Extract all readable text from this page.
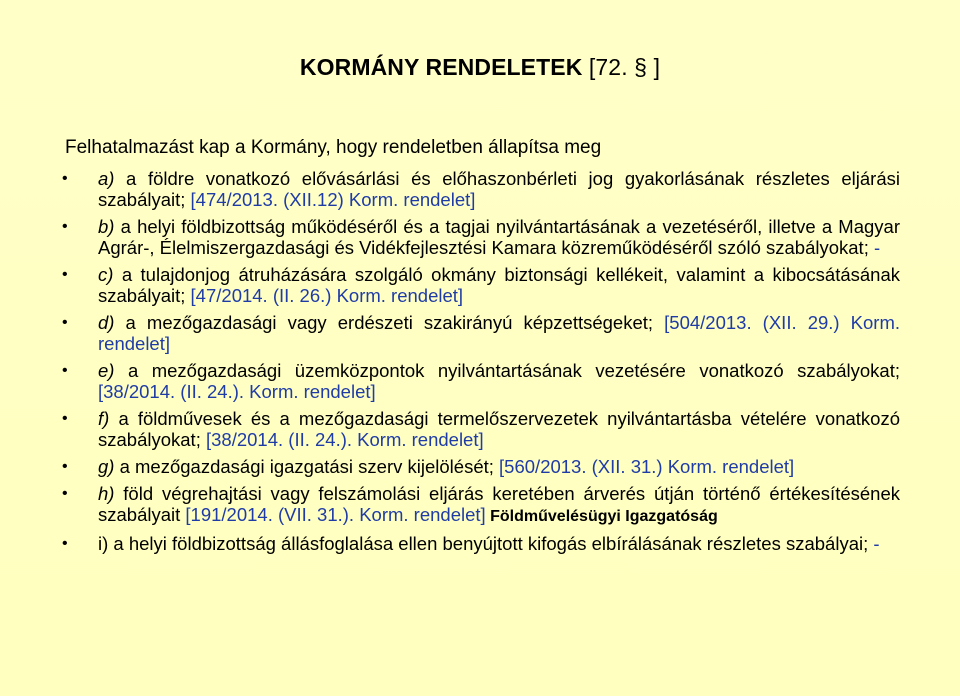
KORMÁNY RENDELETEK [72. § ]
Felhatalmazást kap a Kormány, hogy rendeletben állapítsa meg
•	a) a földre vonatkozó elővásárlási és előhaszonbérleti jog gyakorlásának részletes eljárási szabályait; [474/2013. (XII.12) Korm. rendelet]
•	b) a helyi földbizottság működéséről és a tagjai nyilvántartásának a vezetéséről, illetve a Magyar Agrár-, Élelmiszergazdasági és Vidékfejlesztési Kamara közreműködéséről szóló szabályokat; -
•	c) a tulajdonjog átruházására szolgáló okmány biztonsági kellékeit, valamint a kibocsátásának szabályait; [47/2014. (II. 26.) Korm. rendelet]
•	d) a mezőgazdasági vagy erdészeti szakirányú képzettségeket; [504/2013. (XII. 29.) Korm. rendelet]
•	e) a mezőgazdasági üzemközpontok nyilvántartásának vezetésére vonatkozó szabályokat; [38/2014. (II. 24.). Korm. rendelet]
•	f) a földművesek és a mezőgazdasági termelőszervezetek nyilvántartásba vételére vonatkozó szabályokat; [38/2014. (II. 24.). Korm. rendelet]
•	g) a mezőgazdasági igazgatási szerv kijelölését; [560/2013. (XII. 31.) Korm. rendelet]
•	h) föld végrehajtási vagy felszámolási eljárás keretében árverés útján történő értékesítésének szabályait [191/2014. (VII. 31.). Korm. rendelet] Földművelésügyi Igazgatóság
•	i) a helyi földbizottság állásfoglalása ellen benyújtott kifogás elbírálásának részletes szabályai; -
